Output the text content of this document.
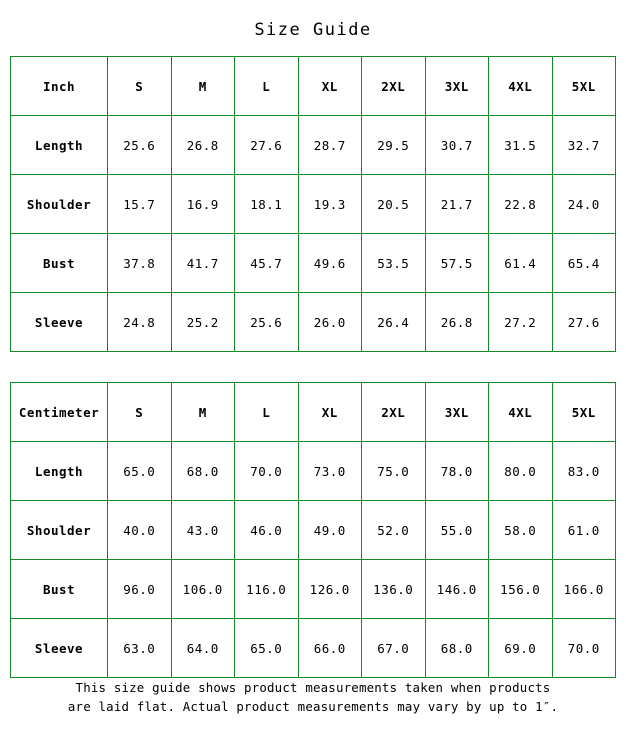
Size Guide
Inch	S	M	L	XL	2XL	3XL	4XL	5XL
Length	25.6	26.8	27.6	28.7	29.5	30.7	31.5	32.7
Shoulder	15.7	16.9	18.1	19.3	20.5	21.7	22.8	24.0
Bust	37.8	41.7	45.7	49.6	53.5	57.5	61.4	65.4
Sleeve	24.8	25.2	25.6	26.0	26.4	26.8	27.2	27.6
Centimeter	S	M	L	XL	2XL	3XL	4XL	5XL
Length	65.0	68.0	70.0	73.0	75.0	78.0	80.0	83.0
Shoulder	40.0	43.0	46.0	49.0	52.0	55.0	58.0	61.0
Bust	96.0	106.0	116.0	126.0	136.0	146.0	156.0	166.0
Sleeve	63.0	64.0	65.0	66.0	67.0	68.0	69.0	70.0
This size guide shows product measurements taken when products
are laid flat. Actual product measurements may vary by up to 1″.
